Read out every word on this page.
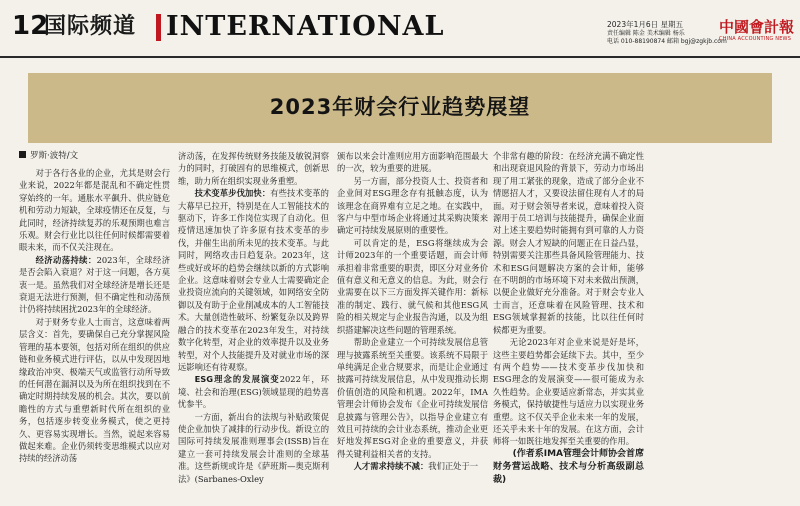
12
国际频道 INTERNATIONAL	2023年1月6日 星期五
责任编辑 陈金 美术编辑 杨乐
电话 010-88190874 邮箱 bgj@zgkjb.com
中國會計報
CHINA ACCOUNTING NEWS
2023年财会行业趋势展望
罗斯·波特/文

对于各行各业的企业，尤其是财会行业来说，2022年都是混乱和不确定性贯穿始终的一年。通胀水平飙升、供应链危机和劳动力短缺，全球疫情还在反复，与此同时，经济持续复苏的乐观预期也难言乐观。财会行业比以往任何时候都需要着眼未来，而不仅关注现在。

经济动荡持续：2023年，全球经济是否会陷入衰退？对于这一问题，各方莫衷一是。虽然我们对全球经济是增长还是衰退无法进行预测，但不确定性和动荡预计仍将持续困扰2023年的全球经济。

对于财务专业人士而言，这意味着两层含义：首先，要确保自己充分掌握风险管理的基本要领，包括对所在组织的供应链和业务模式进行评估，以从中发现因地缘政治冲突、极端天气或监管行动所导致的任何潜在漏洞以及为所在组织找到在不确定时期持续发展的机会。其次，要以前瞻性的方式与重塑新时代所在组织的业务，包括逐步转变业务模式，使之更持久、更容易实现增长。当然，说起来容易做起来难。企业仍须转变思维模式以应对持续的经济动荡

济动荡，在发挥传统财务技能及敏锐洞察力的同时，打破固有的思维模式，创新思维，助力所在组织实现业务重塑。

技术变革步伐加快：有些技术变革的大幕早已拉开，特别是在人工智能技术的驱动下，许多工作岗位实现了自动化。但疫情迅速加快了许多原有技术变革的步伐，并催生出前所未见的技术变革。与此同时，网络攻击日趋复杂。2023年，这些或好或坏的趋势会继续以新的方式影响企业。这意味着财会专业人士需要确定企业投资应流向的关键领域，如网络安全防御以及有助于企业削减成本的人工智能技术。大量创造性破坏、纷繁复杂以及跨界融合的技术变革在2023年发生，对持续数字化转型，对企业的效率提升以及业务转型，对个人技能提升及对就业市场的深远影响还有待观察。

ESG理念的发展演变2022年，环境、社会和治理(ESG)领域显现的趋势喜忧参半。

一方面，新出台的法规与补贴政策促使企业加快了减排的行动步伐。新设立的国际可持续发展准则理事会(ISSB)旨在建立一套可持续发展会计准则的全球基准。这些新规或许是《萨班斯—奥克斯利法》(Sarbanes-Oxley

颁布以来会计准则应用方面影响范围最大的一次，较为重要的进展。

另一方面，部分投资人士、投资者和企业间对ESG理念存有抵触态度，认为该理念在商界难有立足之地。在实践中，客户与中型市场企业将通过其采购决策来确定可持续发展原则的重要性。

可以肯定的是，ESG将继续成为会计师2023年的一个重要话题，而会计师承担着非常重要的职责，即区分对业务价值有意义和无意义的信息。为此，财会行业需要在以下三方面发挥关键作用：新标准的制定、践行、就气候和其他ESG风险的相关规定与企业报告沟通，以及为组织搭建解决这些问题的管理系统。

帮助企业建立一个可持续发展信息管理与披露系统至关重要。该系统不局限于单纯满足企业合规要求，而是让企业通过披露可持续发展信息，从中发现推动长期价值创造的风险和机遇。2022年，IMA管理会计师协会发布《企业可持续发展信息披露与管理公告》，以指导企业建立有效且可持续的会计业态系统，推动企业更好地发挥ESG对企业的重要意义，并获得关键利益相关者的支持。

人才需求持续不减：我们正处于一

个非常有趣的阶段：在经济充满不确定性和出现衰退风险的背景下，劳动力市场出现了用工紧张的现象，造成了部分企业不情愿招人才，又要设法留住现有人才的局面。对于财会领导者来说，意味着投入资源用于员工培训与技能提升，确保企业面对上述主要趋势时能拥有到可靠的人力资源。财会人才短缺的问题正在日益凸显，特别需要关注那些具备风险管理能力、技术和ESG问题解决方案的会计师，能够在不明朗的市场环境下对未来做出预测，以便企业做好充分准备。对于财会专业人士而言，还意味着在风险管理、技术和ESG领域掌握新的技能，比以往任何时候都更为重要。

无论2023年对企业来说是好是坏，这些主要趋势都会延续下去。其中，至少有两个趋势——技术变革步伐加快和ESG理念的发展演变——很可能成为永久性趋势。企业要适应新常态，并实其业务模式，保持敏捷性与适应力以实现业务重塑。这不仅关乎企业未来一年的发展，还关乎未来十年的发展。在这方面，会计师将一如既往地发挥至关重要的作用。

(作者系IMA管理会计师协会首席
财务营运战略、技术与分析高级副总裁)
